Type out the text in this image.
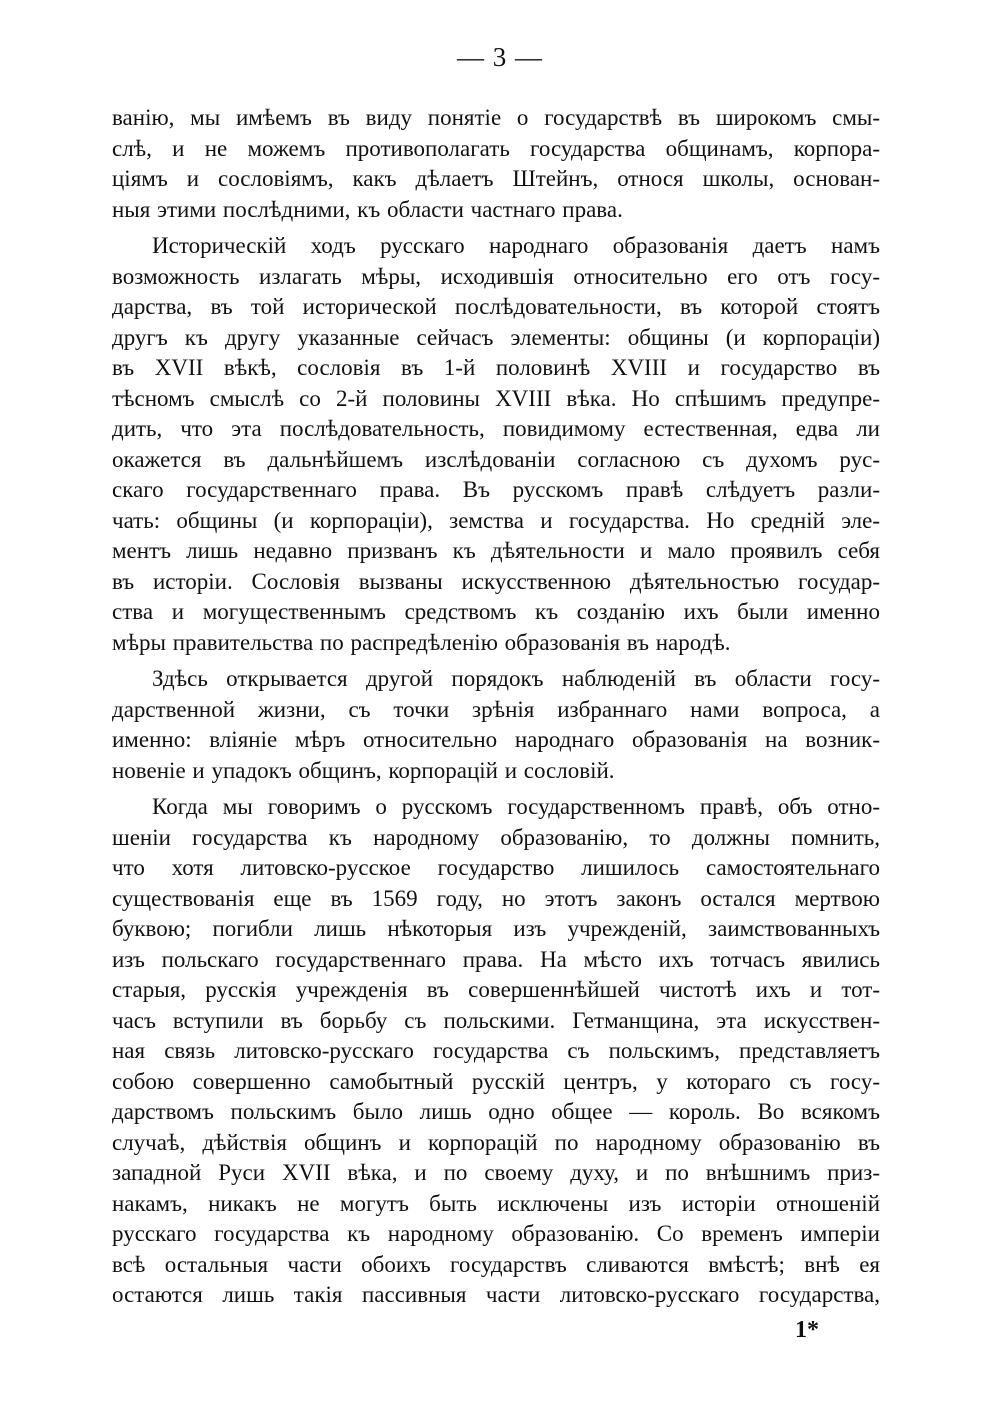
— 3 —
ванію, мы имѣемъ въ виду понятіе о государствѣ въ широкомъ смы-
слѣ, и не можемъ противополагать государства общинамъ, корпора-
ціямъ и сословіямъ, какъ дѣлаетъ Штейнъ, относя школы, основан-
ныя этими послѣдними, къ области частнаго права.
Историческій ходъ русскаго народнаго образованія даетъ намъ
возможность излагать мѣры, исходившія относительно его отъ госу-
дарства, въ той исторической послѣдовательности, въ которой стоятъ
другъ къ другу указанные сейчасъ элементы: общины (и корпораціи)
въ XVII вѣкѣ, сословія въ 1-й половинѣ XVIII и государство въ
тѣсномъ смыслѣ со 2-й половины XVIII вѣка. Но спѣшимъ предупре-
дить, что эта послѣдовательность, повидимому естественная, едва ли
окажется въ дальнѣйшемъ изслѣдованіи согласною съ духомъ рус-
скаго государственнаго права. Въ русскомъ правѣ слѣдуетъ разли-
чать: общины (и корпораціи), земства и государства. Но средній эле-
ментъ лишь недавно призванъ къ дѣятельности и мало проявилъ себя
въ исторіи. Сословія вызваны искусственною дѣятельностью государ-
ства и могущественнымъ средствомъ къ созданію ихъ были именно
мѣры правительства по распредѣленію образованія въ народѣ.
Здѣсь открывается другой порядокъ наблюденій въ области госу-
дарственной жизни, съ точки зрѣнія избраннаго нами вопроса, а
именно: вліяніе мѣръ относительно народнаго образованія на возник-
новеніе и упадокъ общинъ, корпорацій и сословій.
Когда мы говоримъ о русскомъ государственномъ правѣ, объ отно-
шеніи государства къ народному образованію, то должны помнить,
что хотя литовско-русское государство лишилось самостоятельнаго
существованія еще въ 1569 году, но этотъ законъ остался мертвою
буквою; погибли лишь нѣкоторыя изъ учрежденій, заимствованныхъ
изъ польскаго государственнаго права. На мѣсто ихъ тотчасъ явились
старыя, русскія учрежденія въ совершеннѣйшей чистотѣ ихъ и тот-
часъ вступили въ борьбу съ польскими. Гетманщина, эта искусствен-
ная связь литовско-русскаго государства съ польскимъ, представляетъ
собою совершенно самобытный русскій центръ, у котораго съ госу-
дарствомъ польскимъ было лишь одно общее — король. Во всякомъ
случаѣ, дѣйствія общинъ и корпорацій по народному образованію въ
западной Руси XVII вѣка, и по своему духу, и по внѣшнимъ приз-
накамъ, никакъ не могутъ быть исключены изъ исторіи отношеній
русскаго государства къ народному образованію. Со временъ имперіи
всѣ остальныя части обоихъ государствъ сливаются вмѣстѣ; внѣ ея
остаются лишь такія пассивныя части литовско-русскаго государства,
1*
